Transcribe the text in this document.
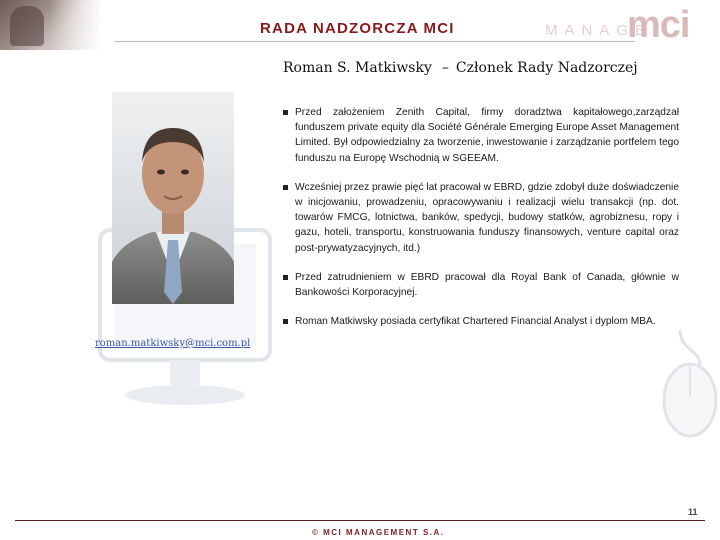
RADA NADZORCZA MCI	MANAGE
mci
Roman S. Matkiwsky – Członek Rady Nadzorczej
roman.matkiwsky@mci.com.pl
Przed założeniem Zenith Capital, firmy doradztwa kapitałowego,zarządzał funduszem private equity dla Société Générale Emerging Europe Asset Management Limited. Był odpowiedzialny za tworzenie, inwestowanie i zarządzanie portfelem tego funduszu na Europę Wschodnią w SGEEAM.
Wcześniej przez prawie pięć lat pracował w EBRD, gdzie zdobył duże doświadczenie w inicjowaniu, prowadzeniu, opracowywaniu i realizacji wielu transakcji (np. dot. towarów FMCG, lotnictwa, banków, spedycji, budowy statków, agrobiznesu, ropy i gazu, hoteli, transportu, konstruowania funduszy finansowych, venture capital oraz post-prywatyzacyjnych, itd.)
Przed zatrudnieniem w EBRD pracował dla Royal Bank of Canada, głównie w Bankowości Korporacyjnej.
Roman Matkiwsky posiada certyfikat Chartered Financial Analyst i dyplom MBA.
11
© MCI MANAGEMENT S.A.
